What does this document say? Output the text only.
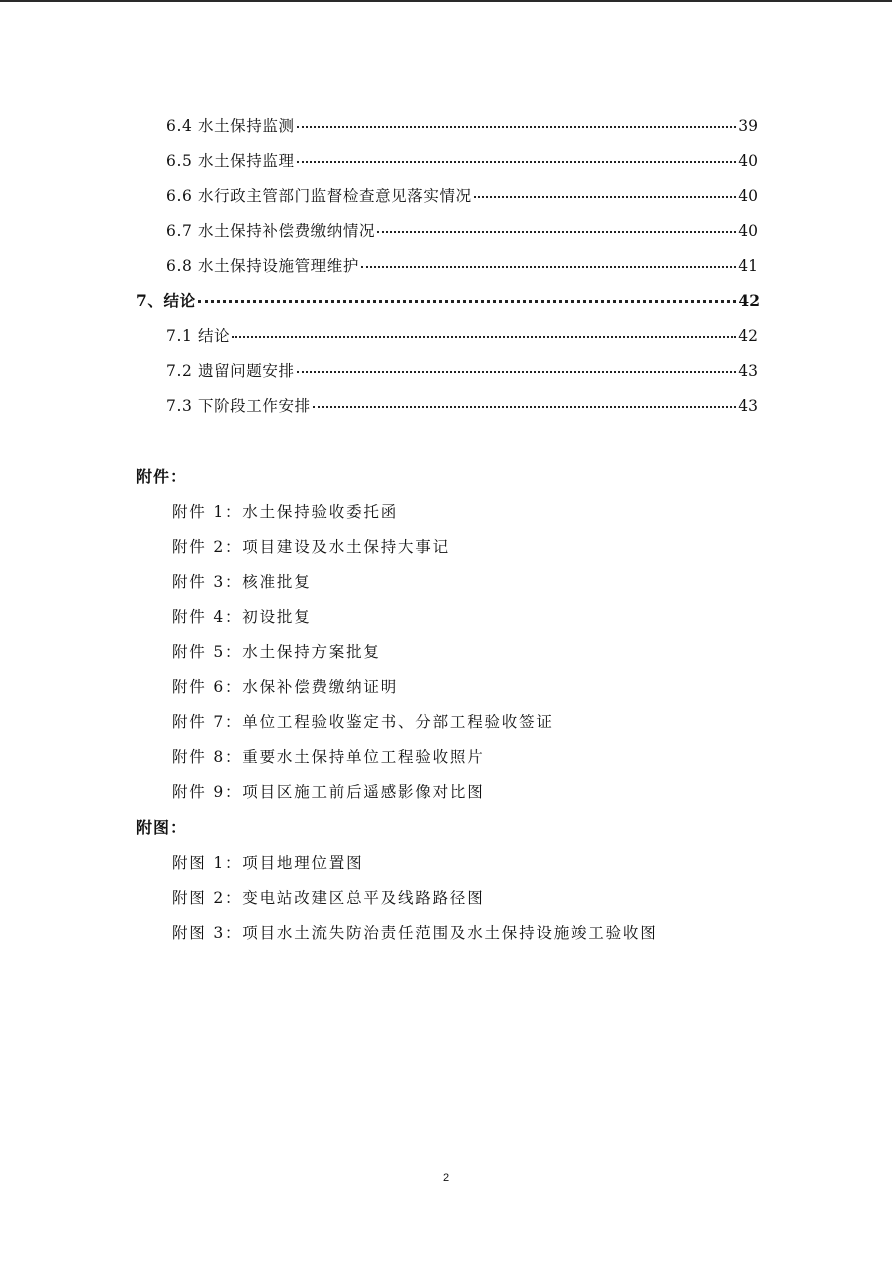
6.4 水土保持监测	39
6.5 水土保持监理	40
6.6 水行政主管部门监督检查意见落实情况	40
6.7 水土保持补偿费缴纳情况	40
6.8 水土保持设施管理维护	41
7、结论	42
7.1 结论	42
7.2 遗留问题安排	43
7.3 下阶段工作安排	43
附件：
附件 1：水土保持验收委托函
附件 2：项目建设及水土保持大事记
附件 3：核准批复
附件 4：初设批复
附件 5：水土保持方案批复
附件 6：水保补偿费缴纳证明
附件 7：单位工程验收鉴定书、分部工程验收签证
附件 8：重要水土保持单位工程验收照片
附件 9：项目区施工前后遥感影像对比图
附图：
附图 1：项目地理位置图
附图 2：变电站改建区总平及线路路径图
附图 3：项目水土流失防治责任范围及水土保持设施竣工验收图
2
